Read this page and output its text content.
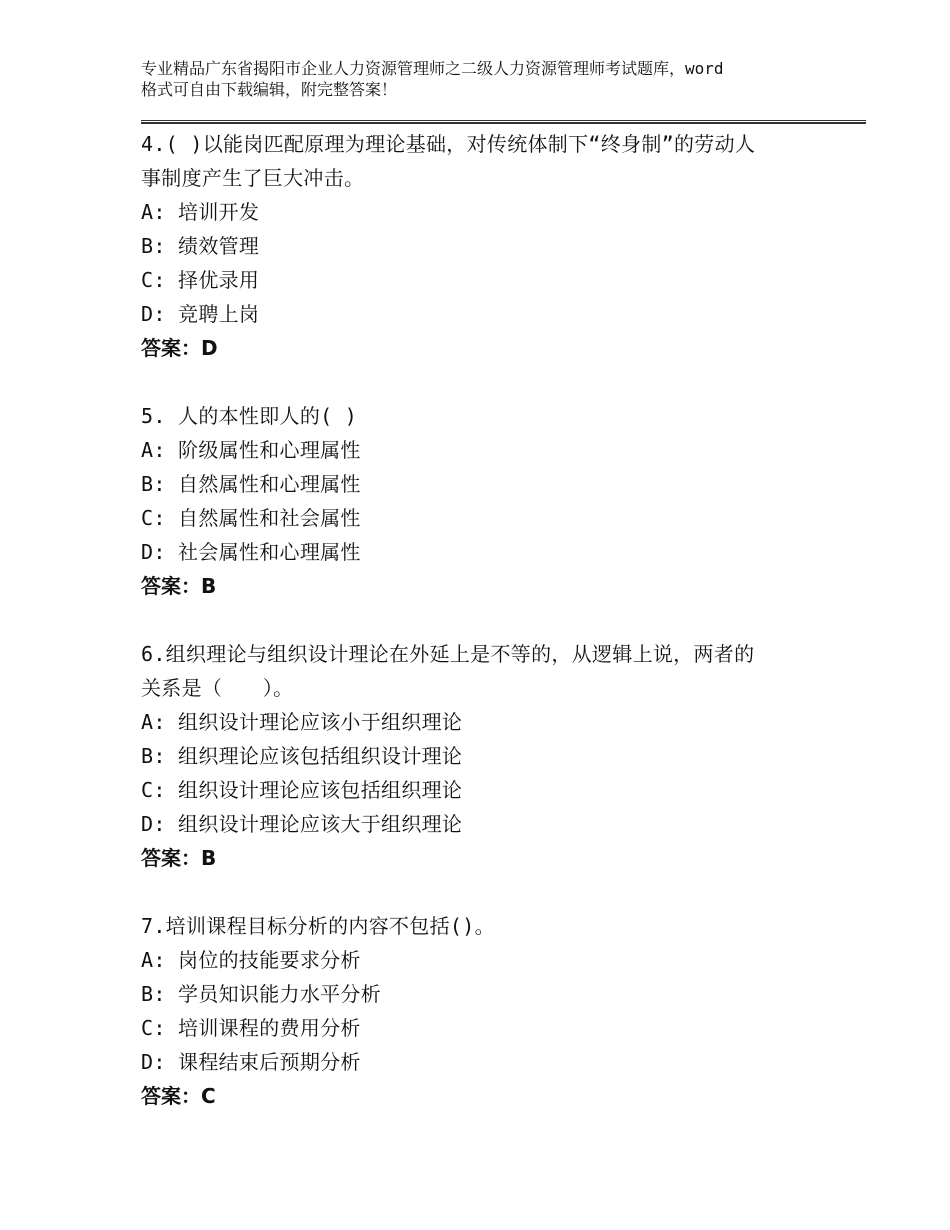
专业精品广东省揭阳市企业人力资源管理师之二级人力资源管理师考试题库，word
格式可自由下载编辑，附完整答案！
4.( )以能岗匹配原理为理论基础，对传统体制下“终身制”的劳动人
事制度产生了巨大冲击。
A: 培训开发
B: 绩效管理
C: 择优录用
D: 竞聘上岗
答案：D
5. 人的本性即人的( )
A: 阶级属性和心理属性
B: 自然属性和心理属性
C: 自然属性和社会属性
D: 社会属性和心理属性
答案：B
6.组织理论与组织设计理论在外延上是不等的，从逻辑上说，两者的
关系是（　　）。
A: 组织设计理论应该小于组织理论
B: 组织理论应该包括组织设计理论
C: 组织设计理论应该包括组织理论
D: 组织设计理论应该大于组织理论
答案：B
7.培训课程目标分析的内容不包括()。
A: 岗位的技能要求分析
B: 学员知识能力水平分析
C: 培训课程的费用分析
D: 课程结束后预期分析
答案：C
